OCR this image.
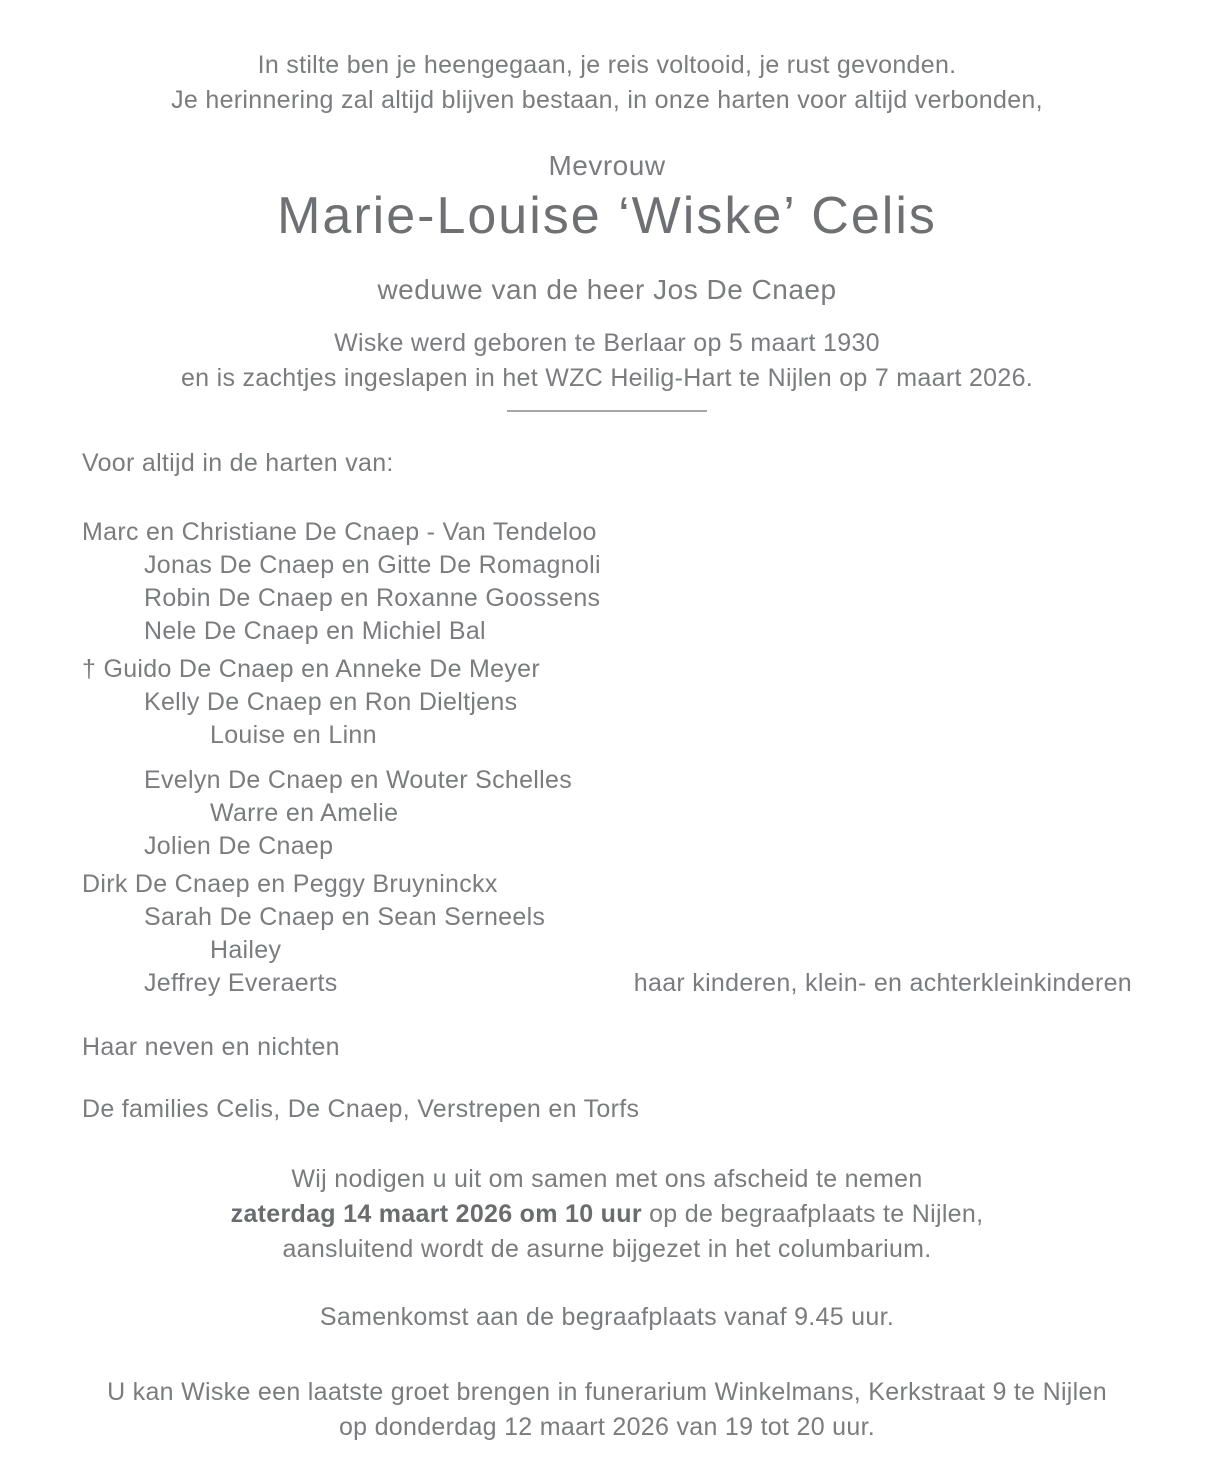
In stilte ben je heengegaan, je reis voltooid, je rust gevonden.
Je herinnering zal altijd blijven bestaan, in onze harten voor altijd verbonden,
Mevrouw
Marie-Louise ‘Wiske’ Celis
weduwe van de heer Jos De Cnaep
Wiske werd geboren te Berlaar op 5 maart 1930
en is zachtjes ingeslapen in het WZC Heilig-Hart te Nijlen op 7 maart 2026.
Voor altijd in de harten van:
Marc en Christiane De Cnaep - Van Tendeloo
Jonas De Cnaep en Gitte De Romagnoli
Robin De Cnaep en Roxanne Goossens
Nele De Cnaep en Michiel Bal
† Guido De Cnaep en Anneke De Meyer
Kelly De Cnaep en Ron Dieltjens
Louise en Linn
Evelyn De Cnaep en Wouter Schelles
Warre en Amelie
Jolien De Cnaep
Dirk De Cnaep en Peggy Bruyninckx
Sarah De Cnaep en Sean Serneels
Hailey
Jeffrey Everaerts	haar kinderen, klein- en achterkleinkinderen
Haar neven en nichten
De families Celis, De Cnaep, Verstrepen en Torfs
Wij nodigen u uit om samen met ons afscheid te nemen
zaterdag 14 maart 2026 om 10 uur op de begraafplaats te Nijlen,
aansluitend wordt de asurne bijgezet in het columbarium.
Samenkomst aan de begraafplaats vanaf 9.45 uur.
U kan Wiske een laatste groet brengen in funerarium Winkelmans, Kerkstraat 9 te Nijlen
op donderdag 12 maart 2026 van 19 tot 20 uur.
